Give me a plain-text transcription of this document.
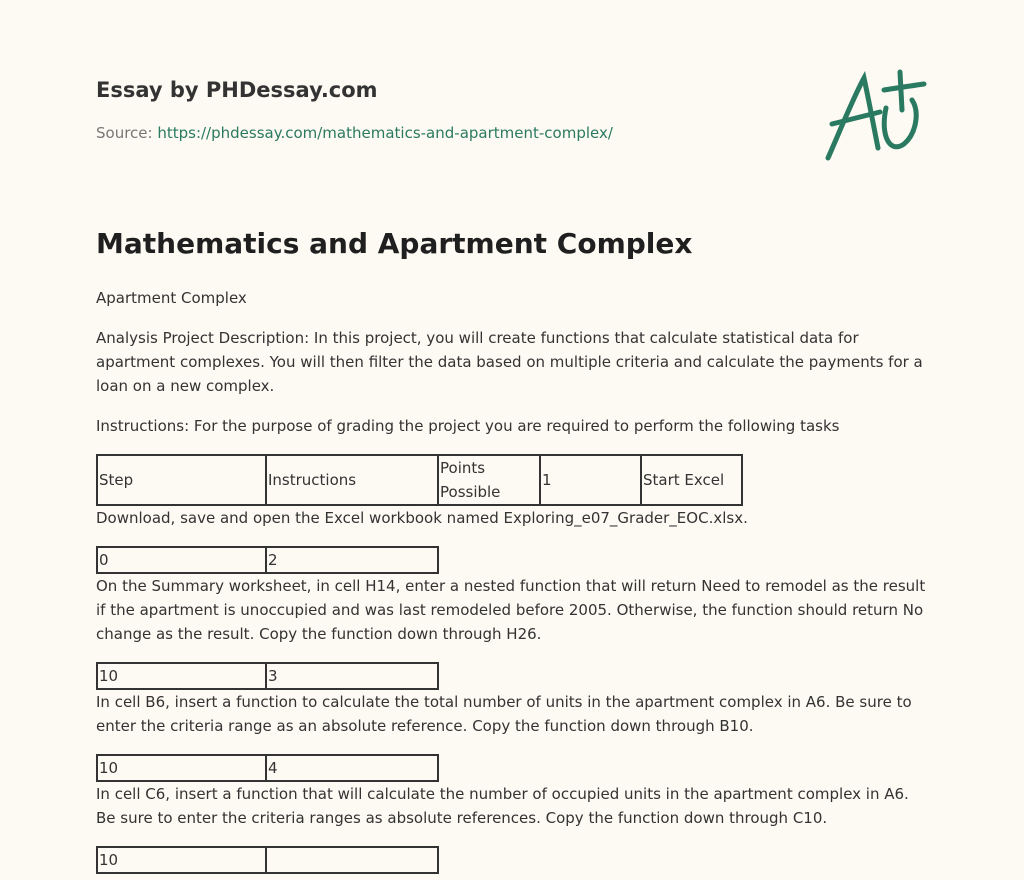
Essay by PHDessay.com

Source: https://phdessay.com/mathematics-and-apartment-complex/
Mathematics and Apartment Complex

Apartment Complex

Analysis Project Description: In this project, you will create functions that calculate statistical data for apartment complexes. You will then filter the data based on multiple criteria and calculate the payments for a loan on a new complex.

Instructions: For the purpose of grading the project you are required to perform the following tasks

Step	Instructions	Points Possible	1	Start Excel

Download, save and open the Excel workbook named Exploring_e07_Grader_EOC.xlsx.

0	2

On the Summary worksheet, in cell H14, enter a nested function that will return Need to remodel as the result if the apartment is unoccupied and was last remodeled before 2005. Otherwise, the function should return No change as the result. Copy the function down through H26.

10	3

In cell B6, insert a function to calculate the total number of units in the apartment complex in A6. Be sure to enter the criteria range as an absolute reference. Copy the function down through B10.

10	4

In cell C6, insert a function that will calculate the number of occupied units in the apartment complex in A6. Be sure to enter the criteria ranges as absolute references. Copy the function down through C10.

10	
